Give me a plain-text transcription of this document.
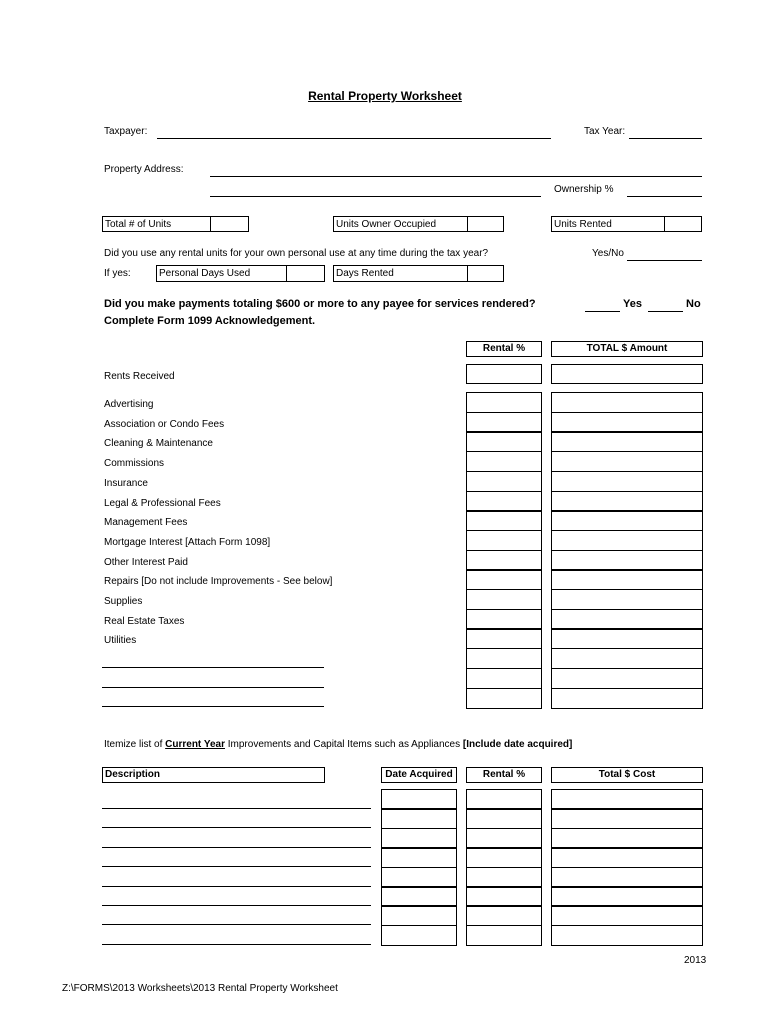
Rental Property Worksheet
Taxpayer:	Tax Year:
Property Address:
Ownership %
Total # of Units	Units Owner Occupied	Units Rented
Did you use any rental units for your own personal use at any time during the tax year?	Yes/No
If yes:	Personal Days Used	Days Rented
Did you make payments totaling $600 or more to any payee for services rendered?
Complete Form 1099 Acknowledgement.
Yes	No
Rental %	TOTAL $ Amount
Rents Received
Advertising
Association or Condo Fees
Cleaning & Maintenance
Commissions
Insurance
Legal & Professional Fees
Management Fees
Mortgage Interest [Attach Form 1098]
Other Interest Paid
Repairs [Do not include Improvements - See below]
Supplies
Real Estate Taxes
Utilities
Itemize list of Current Year Improvements and Capital Items such as Appliances [Include date acquired]
Description	Date Acquired	Rental %	Total $ Cost
2013
Z:\FORMS\2013 Worksheets\2013 Rental Property Worksheet
